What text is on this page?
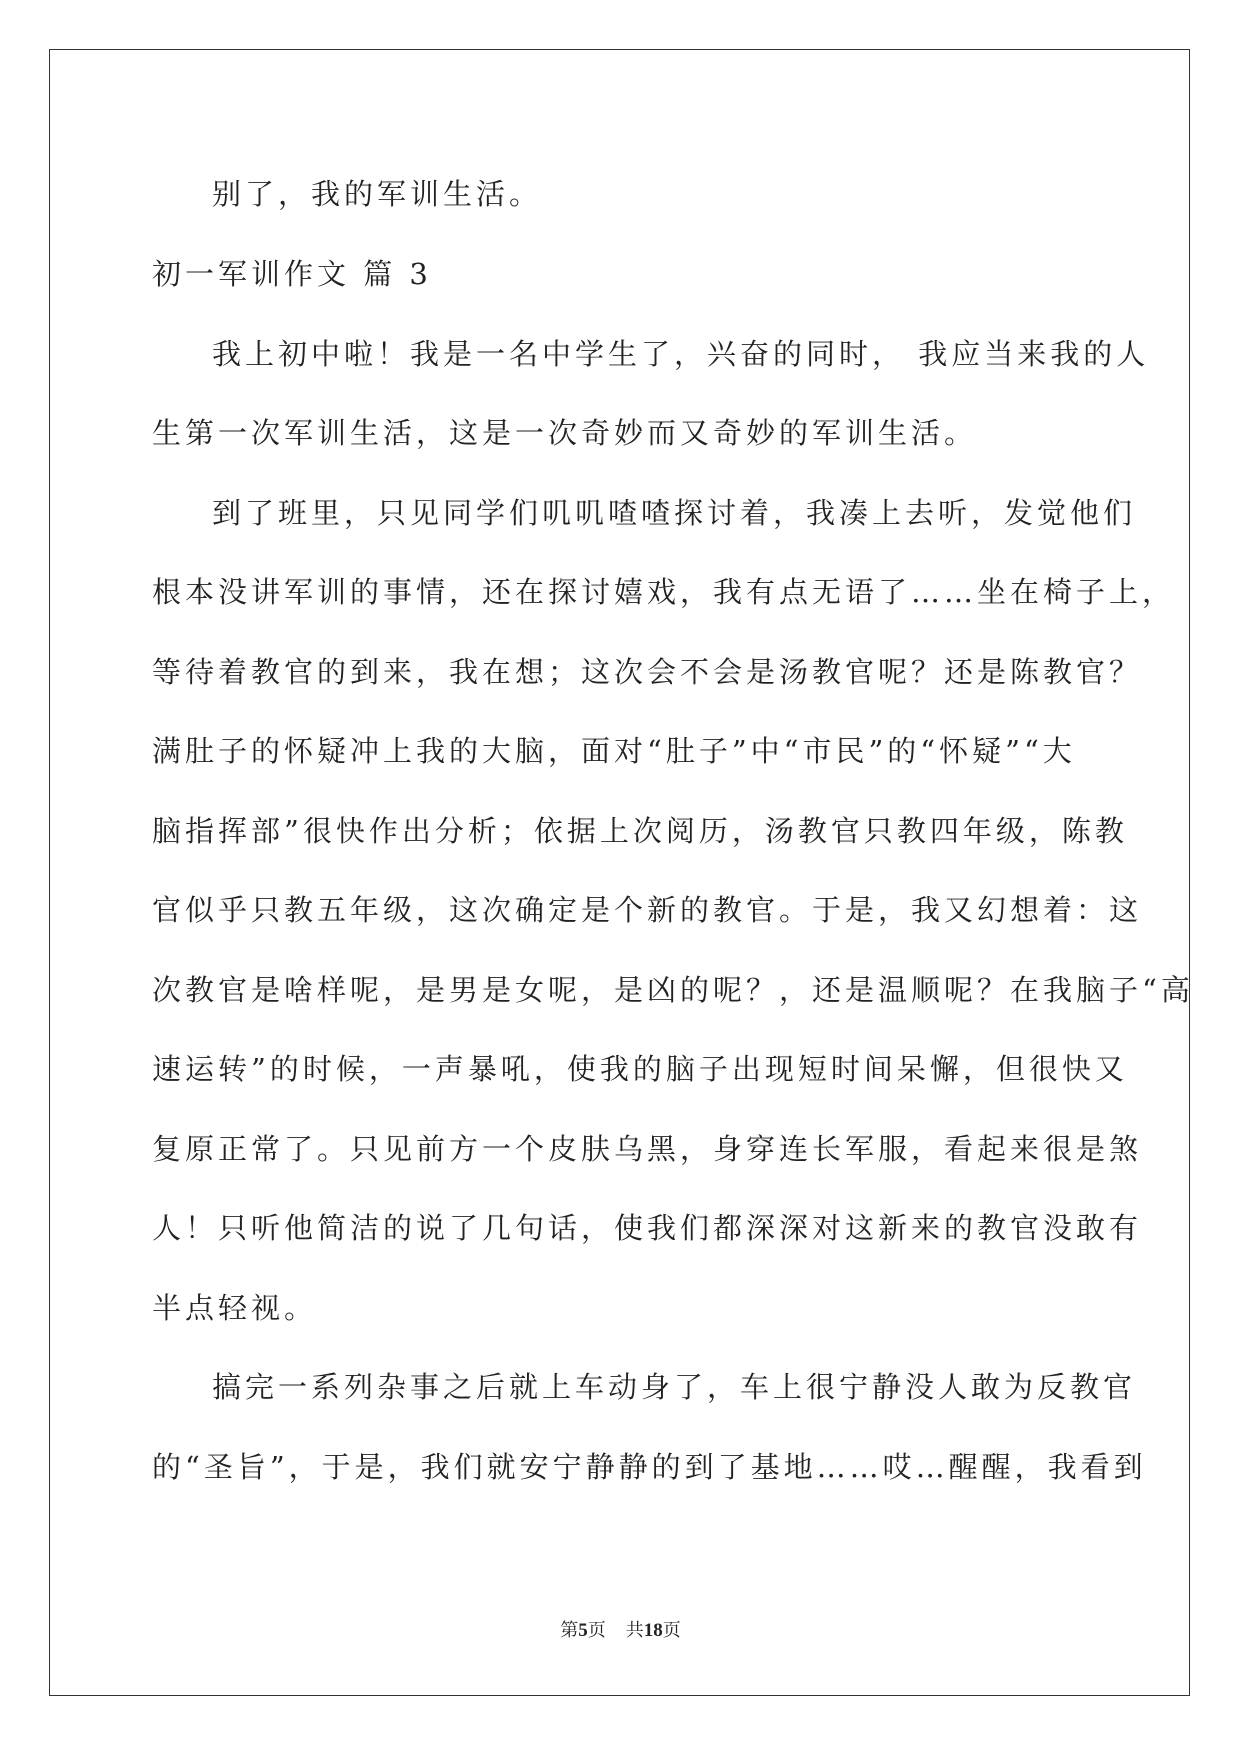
别了，我的军训生活。
初一军训作文 篇 3
我上初中啦！我是一名中学生了，兴奋的同时， 我应当来我的人
生第一次军训生活，这是一次奇妙而又奇妙的军训生活。
到了班里，只见同学们叽叽喳喳探讨着，我凑上去听，发觉他们
根本没讲军训的事情，还在探讨嬉戏，我有点无语了……坐在椅子上，
等待着教官的到来，我在想；这次会不会是汤教官呢？还是陈教官？
满肚子的怀疑冲上我的大脑，面对“肚子”中“市民”的“怀疑”“大
脑指挥部”很快作出分析；依据上次阅历，汤教官只教四年级，陈教
官似乎只教五年级，这次确定是个新的教官。于是，我又幻想着：这
次教官是啥样呢，是男是女呢，是凶的呢？，还是温顺呢？在我脑子“高
速运转”的时候，一声暴吼，使我的脑子出现短时间呆懈，但很快又
复原正常了。只见前方一个皮肤乌黑，身穿连长军服，看起来很是煞
人！只听他简洁的说了几句话，使我们都深深对这新来的教官没敢有
半点轻视。
搞完一系列杂事之后就上车动身了，车上很宁静没人敢为反教官
的“圣旨”，于是，我们就安宁静静的到了基地……哎…醒醒，我看到
第5页 共18页
